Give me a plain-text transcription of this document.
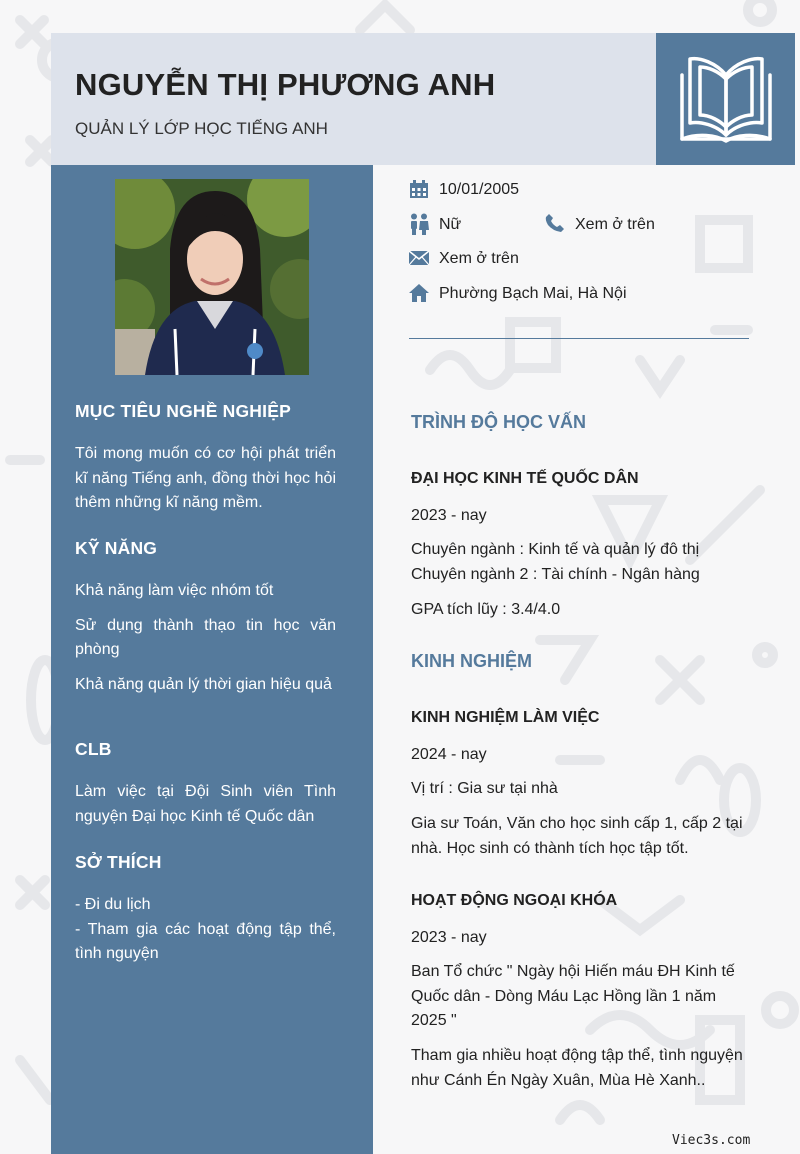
NGUYỄN THỊ PHƯƠNG ANH
QUẢN LÝ LỚP HỌC TIẾNG ANH
MỤC TIÊU NGHỀ NGHIỆP
Tôi mong muốn có cơ hội phát triển kĩ năng Tiếng anh, đồng thời học hỏi thêm những kĩ năng mềm.
KỸ NĂNG
Khả năng làm việc nhóm tốt
Sử dụng thành thạo tin học văn phòng
Khả năng quản lý thời gian hiệu quả
CLB
Làm việc tại Đội Sinh viên Tình nguyện Đại học Kinh tế Quốc dân
SỞ THÍCH
- Đi du lịch
- Tham gia các hoạt động tập thể, tình nguyện
10/01/2005
Nữ	Xem ở trên
Xem ở trên
Phường Bạch Mai, Hà Nội
TRÌNH ĐỘ HỌC VẤN
ĐẠI HỌC KINH TẾ QUỐC DÂN
2023 - nay
Chuyên ngành : Kinh tế và quản lý đô thị
Chuyên ngành 2 : Tài chính - Ngân hàng
GPA tích lũy : 3.4/4.0
KINH NGHIỆM
KINH NGHIỆM LÀM VIỆC
2024 - nay
Vị trí : Gia sư tại nhà
Gia sư Toán, Văn cho học sinh cấp 1, cấp 2 tại nhà. Học sinh có thành tích học tập tốt.
HOẠT ĐỘNG NGOẠI KHÓA
2023 - nay
Ban Tổ chức " Ngày hội Hiến máu ĐH Kinh tế Quốc dân - Dòng Máu Lạc Hồng lần 1 năm 2025 "
Tham gia nhiều hoạt động tập thể, tình nguyện như Cánh Én Ngày Xuân, Mùa Hè Xanh..
Viec3s.com
